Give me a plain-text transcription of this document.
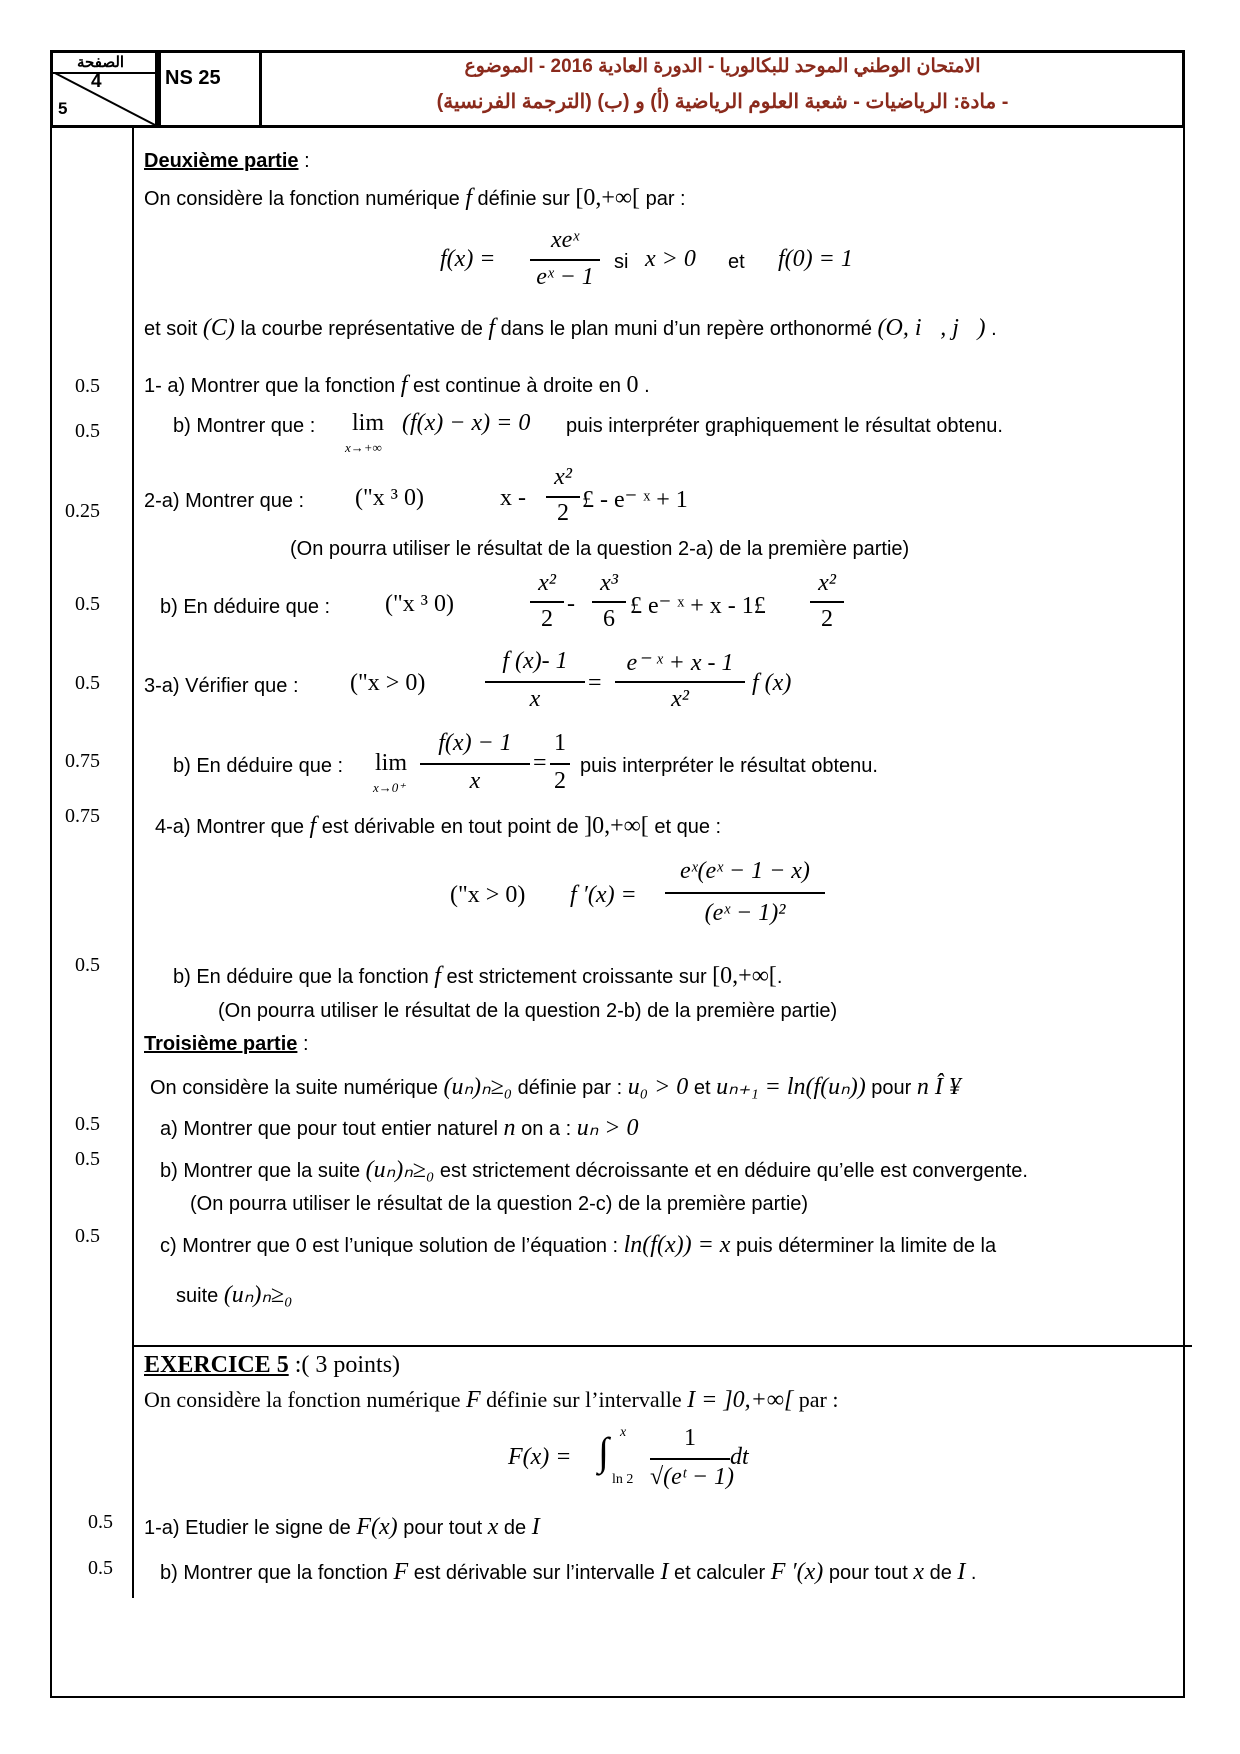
الصفحة
4
5
NS 25
الامتحان الوطني الموحد للبكالوريا - الدورة العادية 2016 - الموضوع
- مادة: الرياضيات - شعبة العلوم الرياضية (أ) و (ب) (الترجمة الفرنسية)
0.5
0.5
0.25
0.5
0.5
0.75
0.75
0.5
0.5
0.5
0.5
0.5
0.5
Deuxième partie :
On considère la fonction numérique f définie sur [0,+∞[ par :
f(x) =
xeˣ
eˣ − 1
si x > 0 et f(0) = 1
et soit (C) la courbe représentative de f dans le plan muni d’un repère orthonormé (O, i⃗, j⃗) .
1- a) Montrer que la fonction f est continue à droite en 0 .
b) Montrer que : lim
x→+∞
(f(x) − x) = 0 puis interpréter graphiquement le résultat obtenu.
2-a) Montrer que : ("x ³ 0)	x -
x²
2 £ - e⁻ ˣ + 1
(On pourra utiliser le résultat de la question 2-a) de la première partie)
b) En déduire que : ("x ³ 0)
x²
2
-
x³
6 £ e⁻ ˣ + x - 1£
x²
2
3-a) Vérifier que : ("x > 0)
f (x)- 1
x
=
e⁻ ˣ + x - 1
x²
f (x)
b) En déduire que : lim
x→0⁺
f(x) − 1
x
=
1
2
puis interpréter le résultat obtenu.
4-a) Montrer que f est dérivable en tout point de ]0,+∞[ et que :
("x > 0) f ′(x) =
eˣ(eˣ − 1 − x)
(eˣ − 1)²
b) En déduire que la fonction f est strictement croissante sur [0,+∞[.
(On pourra utiliser le résultat de la question 2-b) de la première partie)
Troisième partie :
On considère la suite numérique (uₙ)ₙ≥₀ définie par : u₀ > 0 et uₙ₊₁ = ln(f(uₙ)) pour n Î ¥
a) Montrer que pour tout entier naturel n on a : uₙ > 0
b) Montrer que la suite (uₙ)ₙ≥₀ est strictement décroissante et en déduire qu’elle est convergente.
(On pourra utiliser le résultat de la question 2-c) de la première partie)
c) Montrer que 0 est l’unique solution de l’équation : ln(f(x)) = x puis déterminer la limite de la
suite (uₙ)ₙ≥₀
EXERCICE 5 :( 3 points)
On considère la fonction numérique F définie sur l’intervalle I = ]0,+∞[ par :
F(x) = ∫ x
ln 2
1
√(eᵗ − 1)
dt
1-a) Etudier le signe de F(x) pour tout x de I
b) Montrer que la fonction F est dérivable sur l’intervalle I et calculer F ′(x) pour tout x de I .
